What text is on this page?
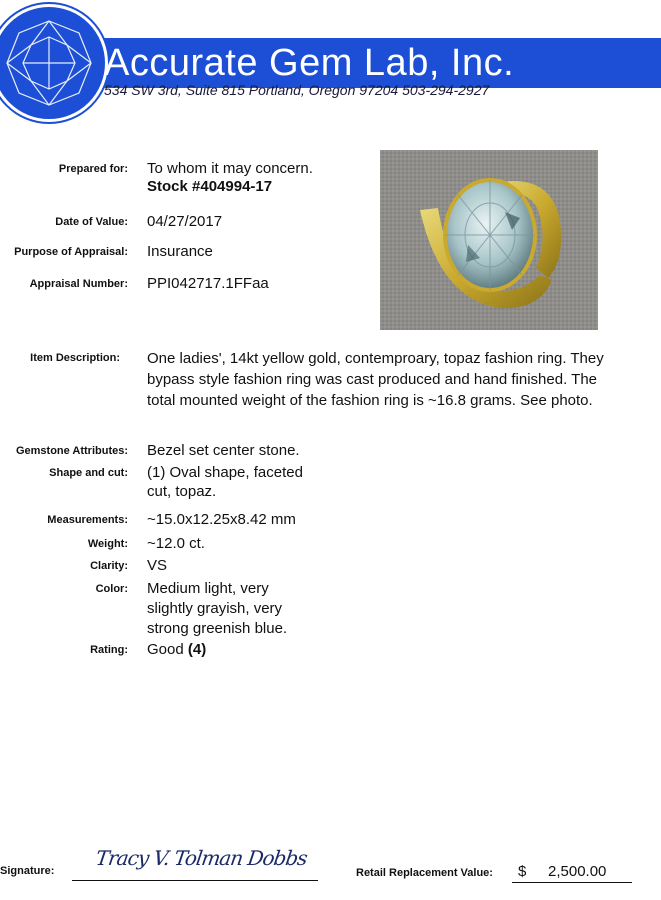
Accurate Gem Lab, Inc.
534 SW 3rd, Suite 815 Portland, Oregon 97204 503-294-2927
Prepared for: To whom it may concern.
Stock #404994-17
Date of Value: 04/27/2017
Purpose of Appraisal: Insurance
Appraisal Number: PPI042717.1FFaa
Item Description: One ladies', 14kt yellow gold, contemproary, topaz fashion ring. They
bypass style fashion ring was cast produced and hand finished. The
total mounted weight of the fashion ring is ~16.8 grams. See photo.
Gemstone Attributes: Bezel set center stone.
Shape and cut: (1) Oval shape, faceted
cut, topaz.
Measurements: ~15.0x12.25x8.42 mm
Weight: ~12.0 ct.
Clarity: VS
Color: Medium light, very
slightly grayish, very
strong greenish blue.
Rating: Good (4)
Signature:
Tracy V. Tolman Dobbs
Retail Replacement Value: $ 2,500.00
